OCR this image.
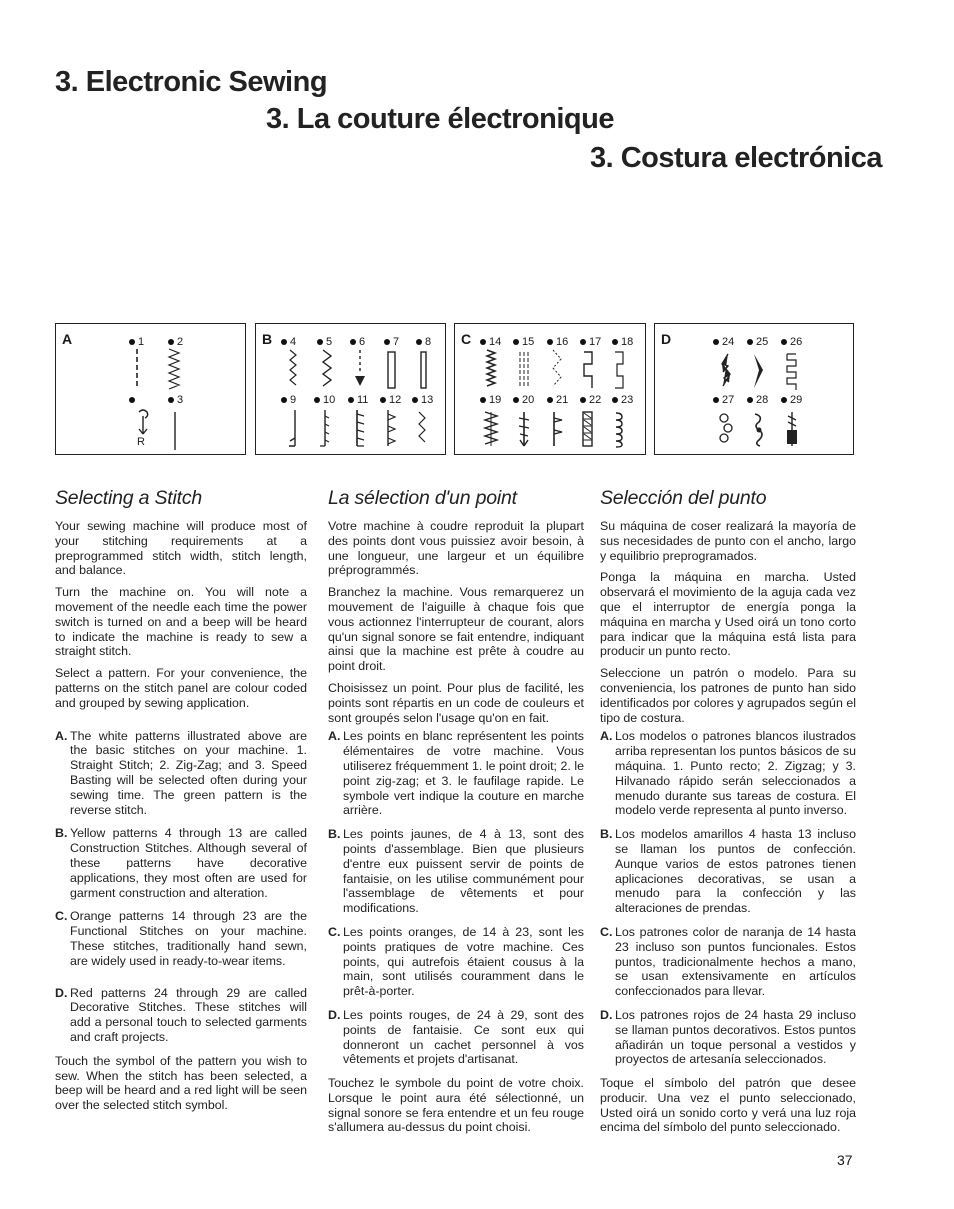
3. Electronic Sewing
3. La couture électronique
3. Costura electrónica
A	1	2
3
R
B	4	5	6	7	8
9	10	11	12	13
C	14	15	16	17	18
19	20	21	22	23
D	24	25	26
27	28	29
Selecting a Stitch

Your sewing machine will produce most of your stitching requirements at a preprogrammed stitch width, stitch length, and balance.

Turn the machine on. You will note a movement of the needle each time the power switch is turned on and a beep will be heard to indicate the machine is ready to sew a straight stitch.

Select a pattern. For your convenience, the patterns on the stitch panel are colour coded and grouped by sewing application.

A. The white patterns illustrated above are the basic stitches on your machine. 1. Straight Stitch; 2. Zig-Zag; and 3. Speed Basting will be selected often during your sewing time. The green pattern is the reverse stitch.
B. Yellow patterns 4 through 13 are called Construction Stitches. Although several of these patterns have decorative applications, they most often are used for garment construction and alteration.
C. Orange patterns 14 through 23 are the Functional Stitches on your machine. These stitches, traditionally hand sewn, are widely used in ready-to-wear items.
D. Red patterns 24 through 29 are called Decorative Stitches. These stitches will add a personal touch to selected garments and craft projects.

Touch the symbol of the pattern you wish to sew. When the stitch has been selected, a beep will be heard and a red light will be seen over the selected stitch symbol.

La sélection d'un point

Votre machine à coudre reproduit la plupart des points dont vous puissiez avoir besoin, à une longueur, une largeur et un équilibre préprogrammés.

Branchez la machine. Vous remarquerez un mouvement de l'aiguille à chaque fois que vous actionnez l'interrupteur de courant, alors qu'un signal sonore se fait entendre, indiquant ainsi que la machine est prête à coudre au point droit.

Choisissez un point. Pour plus de facilité, les points sont répartis en un code de couleurs et sont groupés selon l'usage qu'on en fait.

A. Les points en blanc représentent les points élémentaires de votre machine. Vous utiliserez fréquemment 1. le point droit; 2. le point zig-zag; et 3. le faufilage rapide. Le symbole vert indique la couture en marche arrière.
B. Les points jaunes, de 4 à 13, sont des points d'assemblage. Bien que plusieurs d'entre eux puissent servir de points de fantaisie, on les utilise communément pour l'assemblage de vêtements et pour modifications.
C. Les points oranges, de 14 à 23, sont les points pratiques de votre machine. Ces points, qui autrefois étaient cousus à la main, sont utilisés couramment dans le prêt-à-porter.
D. Les points rouges, de 24 à 29, sont des points de fantaisie. Ce sont eux qui donneront un cachet personnel à vos vêtements et projets d'artisanat.

Touchez le symbole du point de votre choix. Lorsque le point aura été sélectionné, un signal sonore se fera entendre et un feu rouge s'allumera au-dessus du point choisi.

Selección del punto

Su máquina de coser realizará la mayoría de sus necesidades de punto con el ancho, largo y equilibrio preprogramados.

Ponga la máquina en marcha. Usted observará el movimiento de la aguja cada vez que el interruptor de energía ponga la máquina en marcha y Used oirá un tono corto para indicar que la máquina está lista para producir un punto recto.

Seleccione un patrón o modelo. Para su conveniencia, los patrones de punto han sido identificados por colores y agrupados según el tipo de costura.

A. Los modelos o patrones blancos ilustrados arriba representan los puntos básicos de su máquina. 1. Punto recto; 2. Zigzag; y 3. Hilvanado rápido serán seleccionados a menudo durante sus tareas de costura. El modelo verde representa al punto inverso.
B. Los modelos amarillos 4 hasta 13 incluso se llaman los puntos de confección. Aunque varios de estos patrones tienen aplicaciones decorativas, se usan a menudo para la confección y las alteraciones de prendas.
C. Los patrones color de naranja de 14 hasta 23 incluso son puntos funcionales. Estos puntos, tradicionalmente hechos a mano, se usan extensivamente en artículos confeccionados para llevar.
D. Los patrones rojos de 24 hasta 29 incluso se llaman puntos decorativos. Estos puntos añadirán un toque personal a vestidos y proyectos de artesanía seleccionados.

Toque el símbolo del patrón que desee producir. Una vez el punto seleccionado, Usted oirá un sonido corto y verá una luz roja encima del símbolo del punto seleccionado.

37
